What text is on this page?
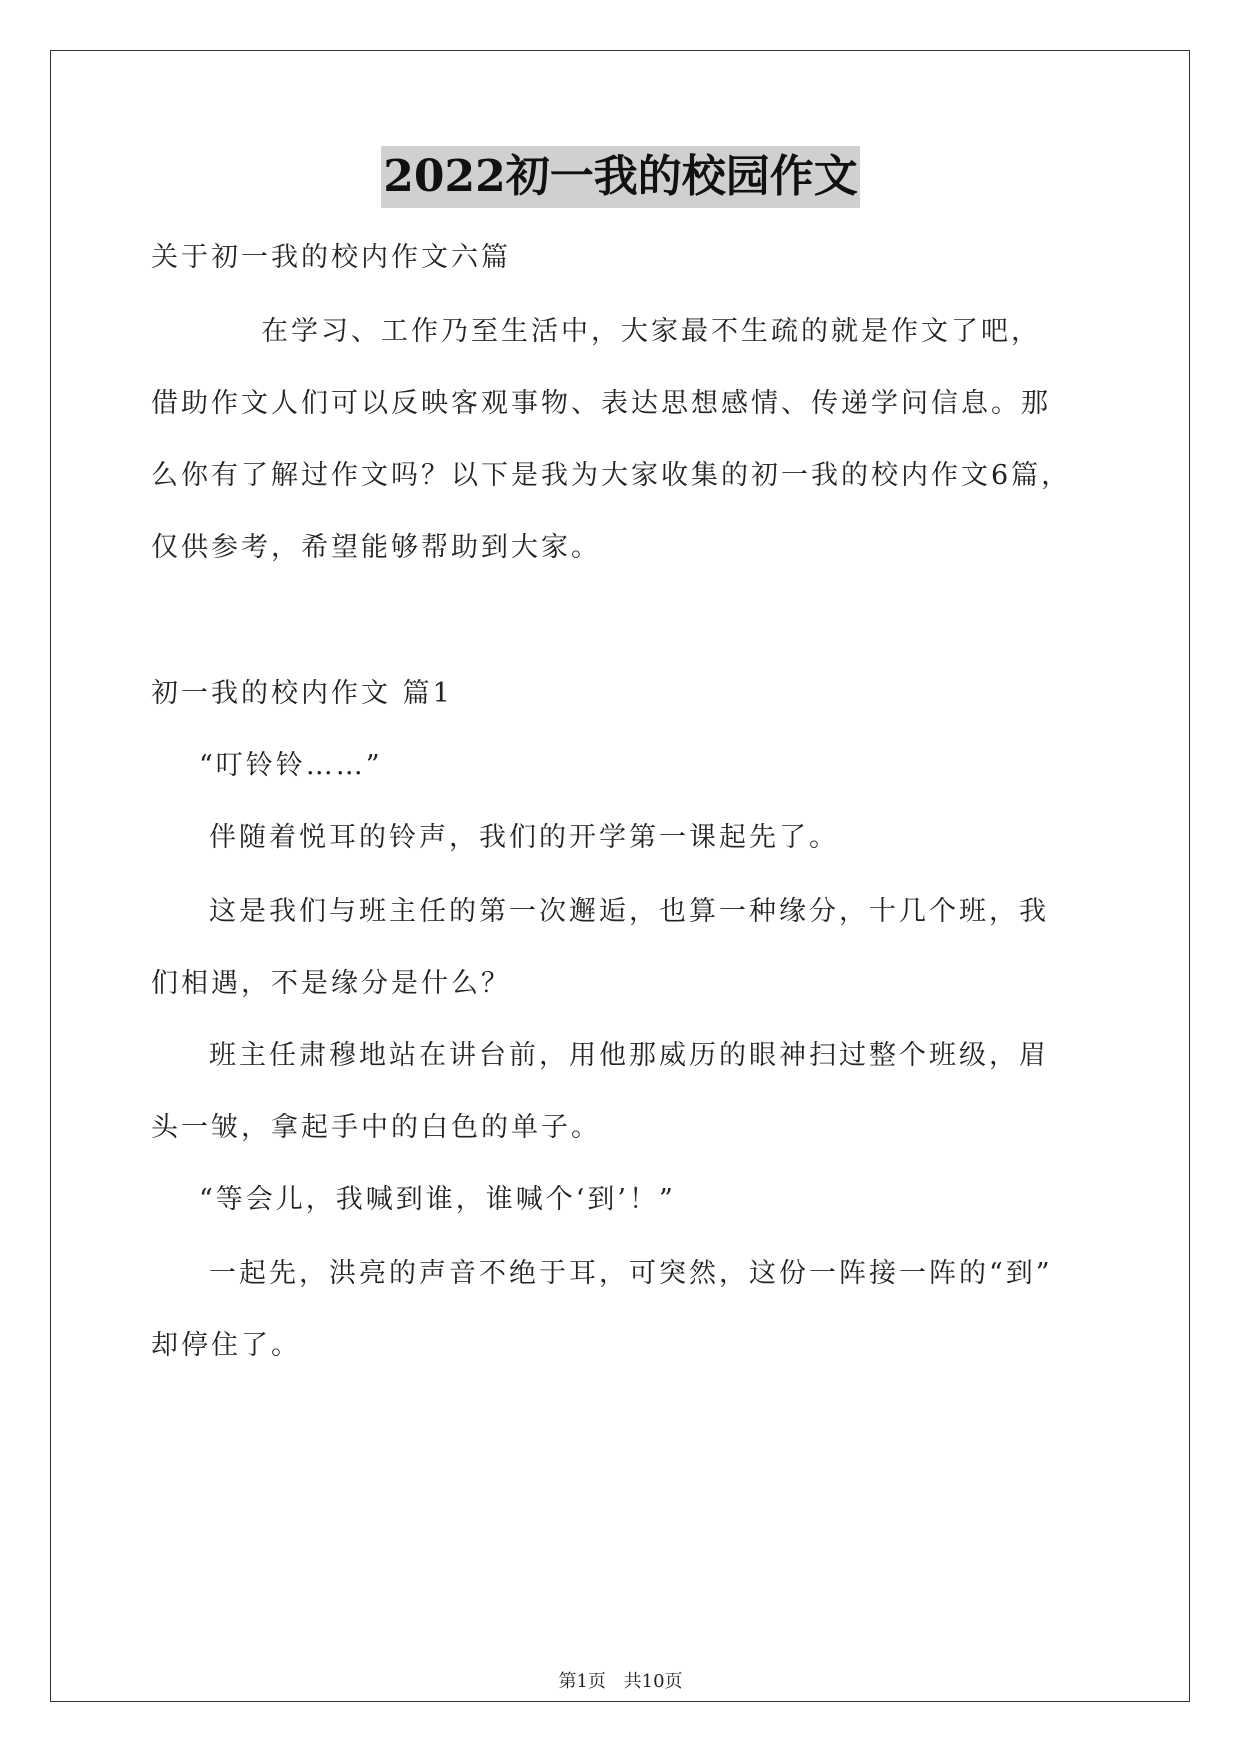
2022初一我的校园作文

关于初一我的校内作文六篇

在学习、工作乃至生活中，大家最不生疏的就是作文了吧，

借助作文人们可以反映客观事物、表达思想感情、传递学问信息。那

么你有了解过作文吗？以下是我为大家收集的初一我的校内作文6篇，

仅供参考，希望能够帮助到大家。

初一我的校内作文 篇1

“叮铃铃……”

伴随着悦耳的铃声，我们的开学第一课起先了。

这是我们与班主任的第一次邂逅，也算一种缘分，十几个班，我

们相遇，不是缘分是什么？

班主任肃穆地站在讲台前，用他那威历的眼神扫过整个班级，眉

头一皱，拿起手中的白色的单子。

“等会儿，我喊到谁，谁喊个‘到’！”

一起先，洪亮的声音不绝于耳，可突然，这份一阵接一阵的“到”

却停住了。

第1页 共10页
